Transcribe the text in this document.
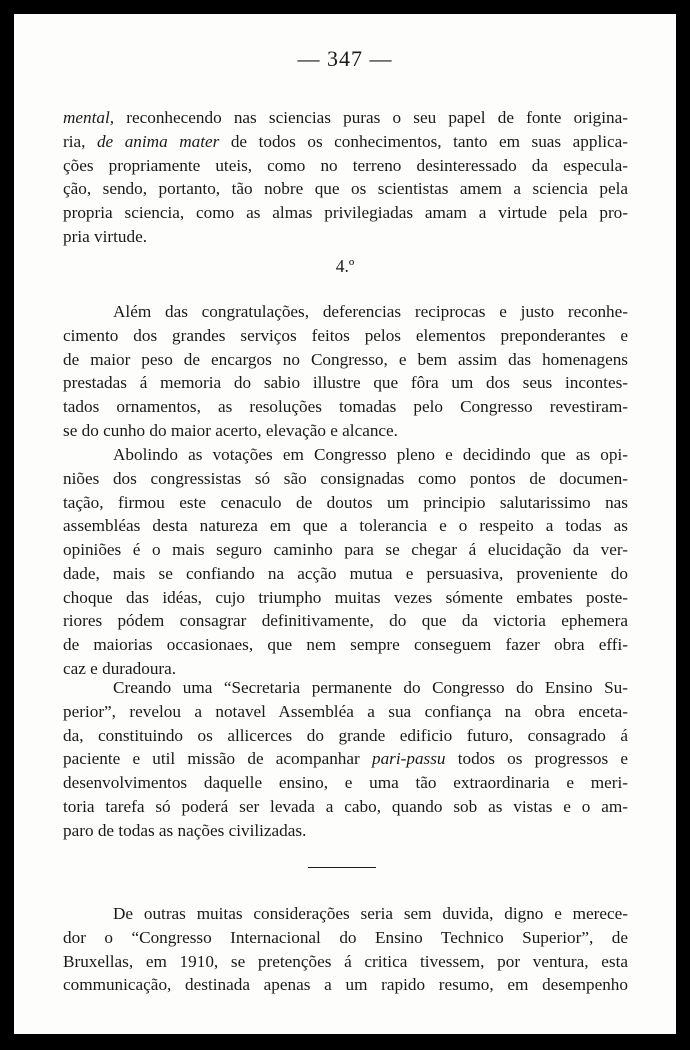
— 347 —
mental, reconhecendo nas sciencias puras o seu papel de fonte origina-
ria, de anima mater de todos os conhecimentos, tanto em suas applica-
ções propriamente uteis, como no terreno desinteressado da especula-
ção, sendo, portanto, tão nobre que os scientistas amem a sciencia pela
propria sciencia, como as almas privilegiadas amam a virtude pela pro-
pria virtude.
4.º
Além das congratulações, deferencias reciprocas e justo reconhe-
cimento dos grandes serviços feitos pelos elementos preponderantes e
de maior peso de encargos no Congresso, e bem assim das homenagens
prestadas á memoria do sabio illustre que fôra um dos seus incontes-
tados ornamentos, as resoluções tomadas pelo Congresso revestiram-
se do cunho do maior acerto, elevação e alcance.
Abolindo as votações em Congresso pleno e decidindo que as opi-
niões dos congressistas só são consignadas como pontos de documen-
tação, firmou este cenaculo de doutos um principio salutarissimo nas
assembléas desta natureza em que a tolerancia e o respeito a todas as
opiniões é o mais seguro caminho para se chegar á elucidação da ver-
dade, mais se confiando na acção mutua e persuasiva, proveniente do
choque das idéas, cujo triumpho muitas vezes sómente embates poste-
riores pódem consagrar definitivamente, do que da victoria ephemera
de maiorias occasionaes, que nem sempre conseguem fazer obra effi-
caz e duradoura.
Creando uma “Secretaria permanente do Congresso do Ensino Su-
perior”, revelou a notavel Assembléa a sua confiança na obra enceta-
da, constituindo os allicerces do grande edificio futuro, consagrado á
paciente e util missão de acompanhar pari-passu todos os progressos e
desenvolvimentos daquelle ensino, e uma tão extraordinaria e meri-
toria tarefa só poderá ser levada a cabo, quando sob as vistas e o am-
paro de todas as nações civilizadas.
De outras muitas considerações seria sem duvida, digno e merece-
dor o “Congresso Internacional do Ensino Technico Superior”, de
Bruxellas, em 1910, se pretenções á critica tivessem, por ventura, esta
communicação, destinada apenas a um rapido resumo, em desempenho
